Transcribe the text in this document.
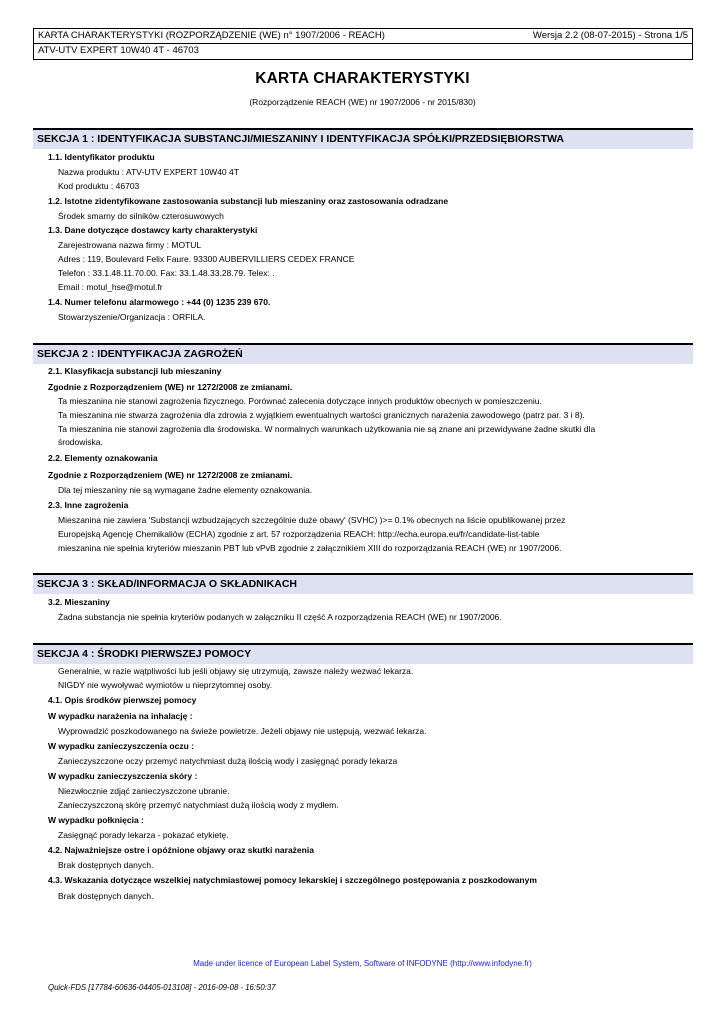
KARTA CHARAKTERYSTYKI (ROZPORZĄDZENIE (WE) n° 1907/2006 - REACH)	Wersja 2.2 (08-07-2015) - Strona 1/5
ATV-UTV EXPERT 10W40 4T - 46703
KARTA CHARAKTERYSTYKI
(Rozporządzenie REACH (WE) nr 1907/2006 - nr 2015/830)
SEKCJA 1 : IDENTYFIKACJA SUBSTANCJI/MIESZANINY I IDENTYFIKACJA SPÓŁKI/PRZEDSIĘBIORSTWA
1.1. Identyfikator produktu
Nazwa produktu : ATV-UTV EXPERT 10W40 4T
Kod produktu : 46703
1.2. Istotne zidentyfikowane zastosowania substancji lub mieszaniny oraz zastosowania odradzane
Środek smarny do silników czterosuwowych
1.3. Dane dotyczące dostawcy karty charakterystyki
Zarejestrowana nazwa firmy : MOTUL
Adres : 119, Boulevard Felix Faure. 93300 AUBERVILLIERS CEDEX FRANCE
Telefon : 33.1.48.11.70.00. Fax: 33.1.48.33.28.79. Telex: .
Email : motul_hse@motul.fr
1.4. Numer telefonu alarmowego : +44 (0) 1235 239 670.
Stowarzyszenie/Organizacja : ORFILA.
SEKCJA 2 : IDENTYFIKACJA ZAGROŻEŃ
2.1. Klasyfikacja substancji lub mieszaniny
Zgodnie z Rozporządzeniem (WE) nr 1272/2008 ze zmianami.
Ta mieszanina nie stanowi zagrożenia fizycznego. Porównać zalecenia dotyczące innych produktów obecnych w pomieszczeniu.
Ta mieszanina nie stwarza zagrożenia dla zdrowia z wyjątkiem ewentualnych wartości granicznych narażenia zawodowego (patrz par. 3 i 8).
Ta mieszanina nie stanowi zagrożenia dla środowiska. W normalnych warunkach użytkowania nie są znane ani przewidywane żadne skutki dla
środowiska.
2.2. Elementy oznakowania
Zgodnie z Rozporządzeniem (WE) nr 1272/2008 ze zmianami.
Dla tej mieszaniny nie są wymagane żadne elementy oznakowania.
2.3. Inne zagrożenia
Mieszanina nie zawiera 'Substancji wzbudzających szczególnie duże obawy' (SVHC) )>= 0.1% obecnych na liście opublikowanej przez
Europejską Agencję Chemikaliów (ECHA) zgodnie z art. 57 rozporządzenia REACH: http://echa.europa.eu/fr/candidate-list-table
mieszanina nie spełnia kryteriów mieszanin PBT lub vPvB zgodnie z załącznikiem XIII do rozporządzania REACH (WE) nr 1907/2006.
SEKCJA 3 : SKŁAD/INFORMACJA O SKŁADNIKACH
3.2. Mieszaniny
Żadna substancja nie spełnia kryteriów podanych w załączniku II część A rozporządzenia REACH (WE) nr 1907/2006.
SEKCJA 4 : ŚRODKI PIERWSZEJ POMOCY
Generalnie, w razie wątpliwości lub jeśli objawy się utrzymują, zawsze należy wezwać lekarza.
NIGDY nie wywoływać wymiotów u nieprzytomnej osoby.
4.1. Opis środków pierwszej pomocy
W wypadku narażenia na inhalację :
Wyprowadzić poszkodowanego na świeże powietrze. Jeżeli objawy nie ustępują, wezwać lekarza.
W wypadku zanieczyszczenia oczu :
Zanieczyszczone oczy przemyć natychmiast dużą ilością wody i zasięgnąć porady lekarza
W wypadku zanieczyszczenia skóry :
Niezwłocznie zdjąć zanieczyszczone ubranie.
Zanieczyszczoną skórę przemyć natychmiast dużą ilością wody z mydłem.
W wypadku połknięcia :
Zasięgnąć porady lekarza - pokazać etykietę.
4.2. Najważniejsze ostre i opóźnione objawy oraz skutki narażenia
Brak dostępnych danych.
4.3. Wskazania dotyczące wszelkiej natychmiastowej pomocy lekarskiej i szczególnego postępowania z poszkodowanym
Brak dostępnych danych.
Made under licence of European Label System, Software of INFODYNE (http://www.infodyne.fr)
Quick-FDS [17784-60636-04405-013108] - 2016-09-08 - 16:50:37
